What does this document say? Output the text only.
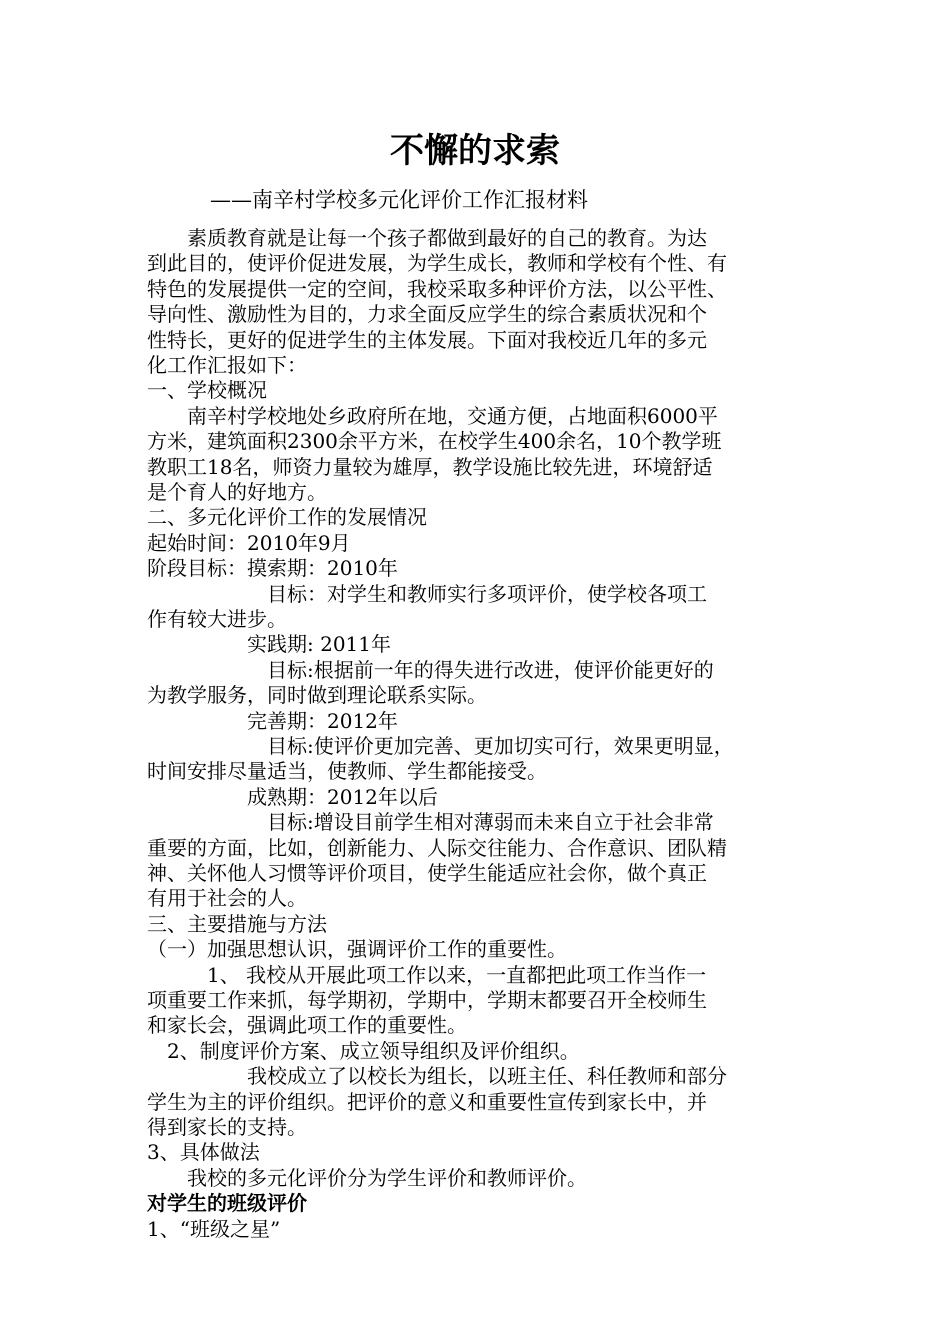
不懈的求索
——南辛村学校多元化评价工作汇报材料
　　素质教育就是让每一个孩子都做到最好的自己的教育。为达
到此目的，使评价促进发展，为学生成长，教师和学校有个性、有
特色的发展提供一定的空间，我校采取多种评价方法，以公平性、
导向性、激励性为目的，力求全面反应学生的综合素质状况和个
性特长，更好的促进学生的主体发展。下面对我校近几年的多元
化工作汇报如下：
一、学校概况
　　南辛村学校地处乡政府所在地，交通方便，占地面积6000平
方米，建筑面积2300余平方米，在校学生400余名，10个教学班
教职工18名，师资力量较为雄厚，教学设施比较先进，环境舒适
是个育人的好地方。
二、多元化评价工作的发展情况
起始时间：2010年9月
阶段目标：摸索期：2010年
　　　　　　目标：对学生和教师实行多项评价，使学校各项工
作有较大进步。
　　　　　实践期: 2011年
　　　　　　目标:根据前一年的得失进行改进，使评价能更好的
为教学服务，同时做到理论联系实际。
　　　　　完善期：2012年
　　　　　　目标:使评价更加完善、更加切实可行，效果更明显，
时间安排尽量适当，使教师、学生都能接受。
　　　　　成熟期：2012年以后
　　　　　　目标:增设目前学生相对薄弱而未来自立于社会非常
重要的方面，比如，创新能力、人际交往能力、合作意识、团队精
神、关怀他人习惯等评价项目，使学生能适应社会你，做个真正
有用于社会的人。
三、主要措施与方法
（一）加强思想认识，强调评价工作的重要性。
　　　1、 我校从开展此项工作以来，一直都把此项工作当作一
项重要工作来抓，每学期初，学期中，学期末都要召开全校师生
和家长会，强调此项工作的重要性。
　2、制度评价方案、成立领导组织及评价组织。
　　　　　我校成立了以校长为组长，以班主任、科任教师和部分
学生为主的评价组织。把评价的意义和重要性宣传到家长中，并
得到家长的支持。
3、具体做法
　　我校的多元化评价分为学生评价和教师评价。
对学生的班级评价
1、“班级之星”
